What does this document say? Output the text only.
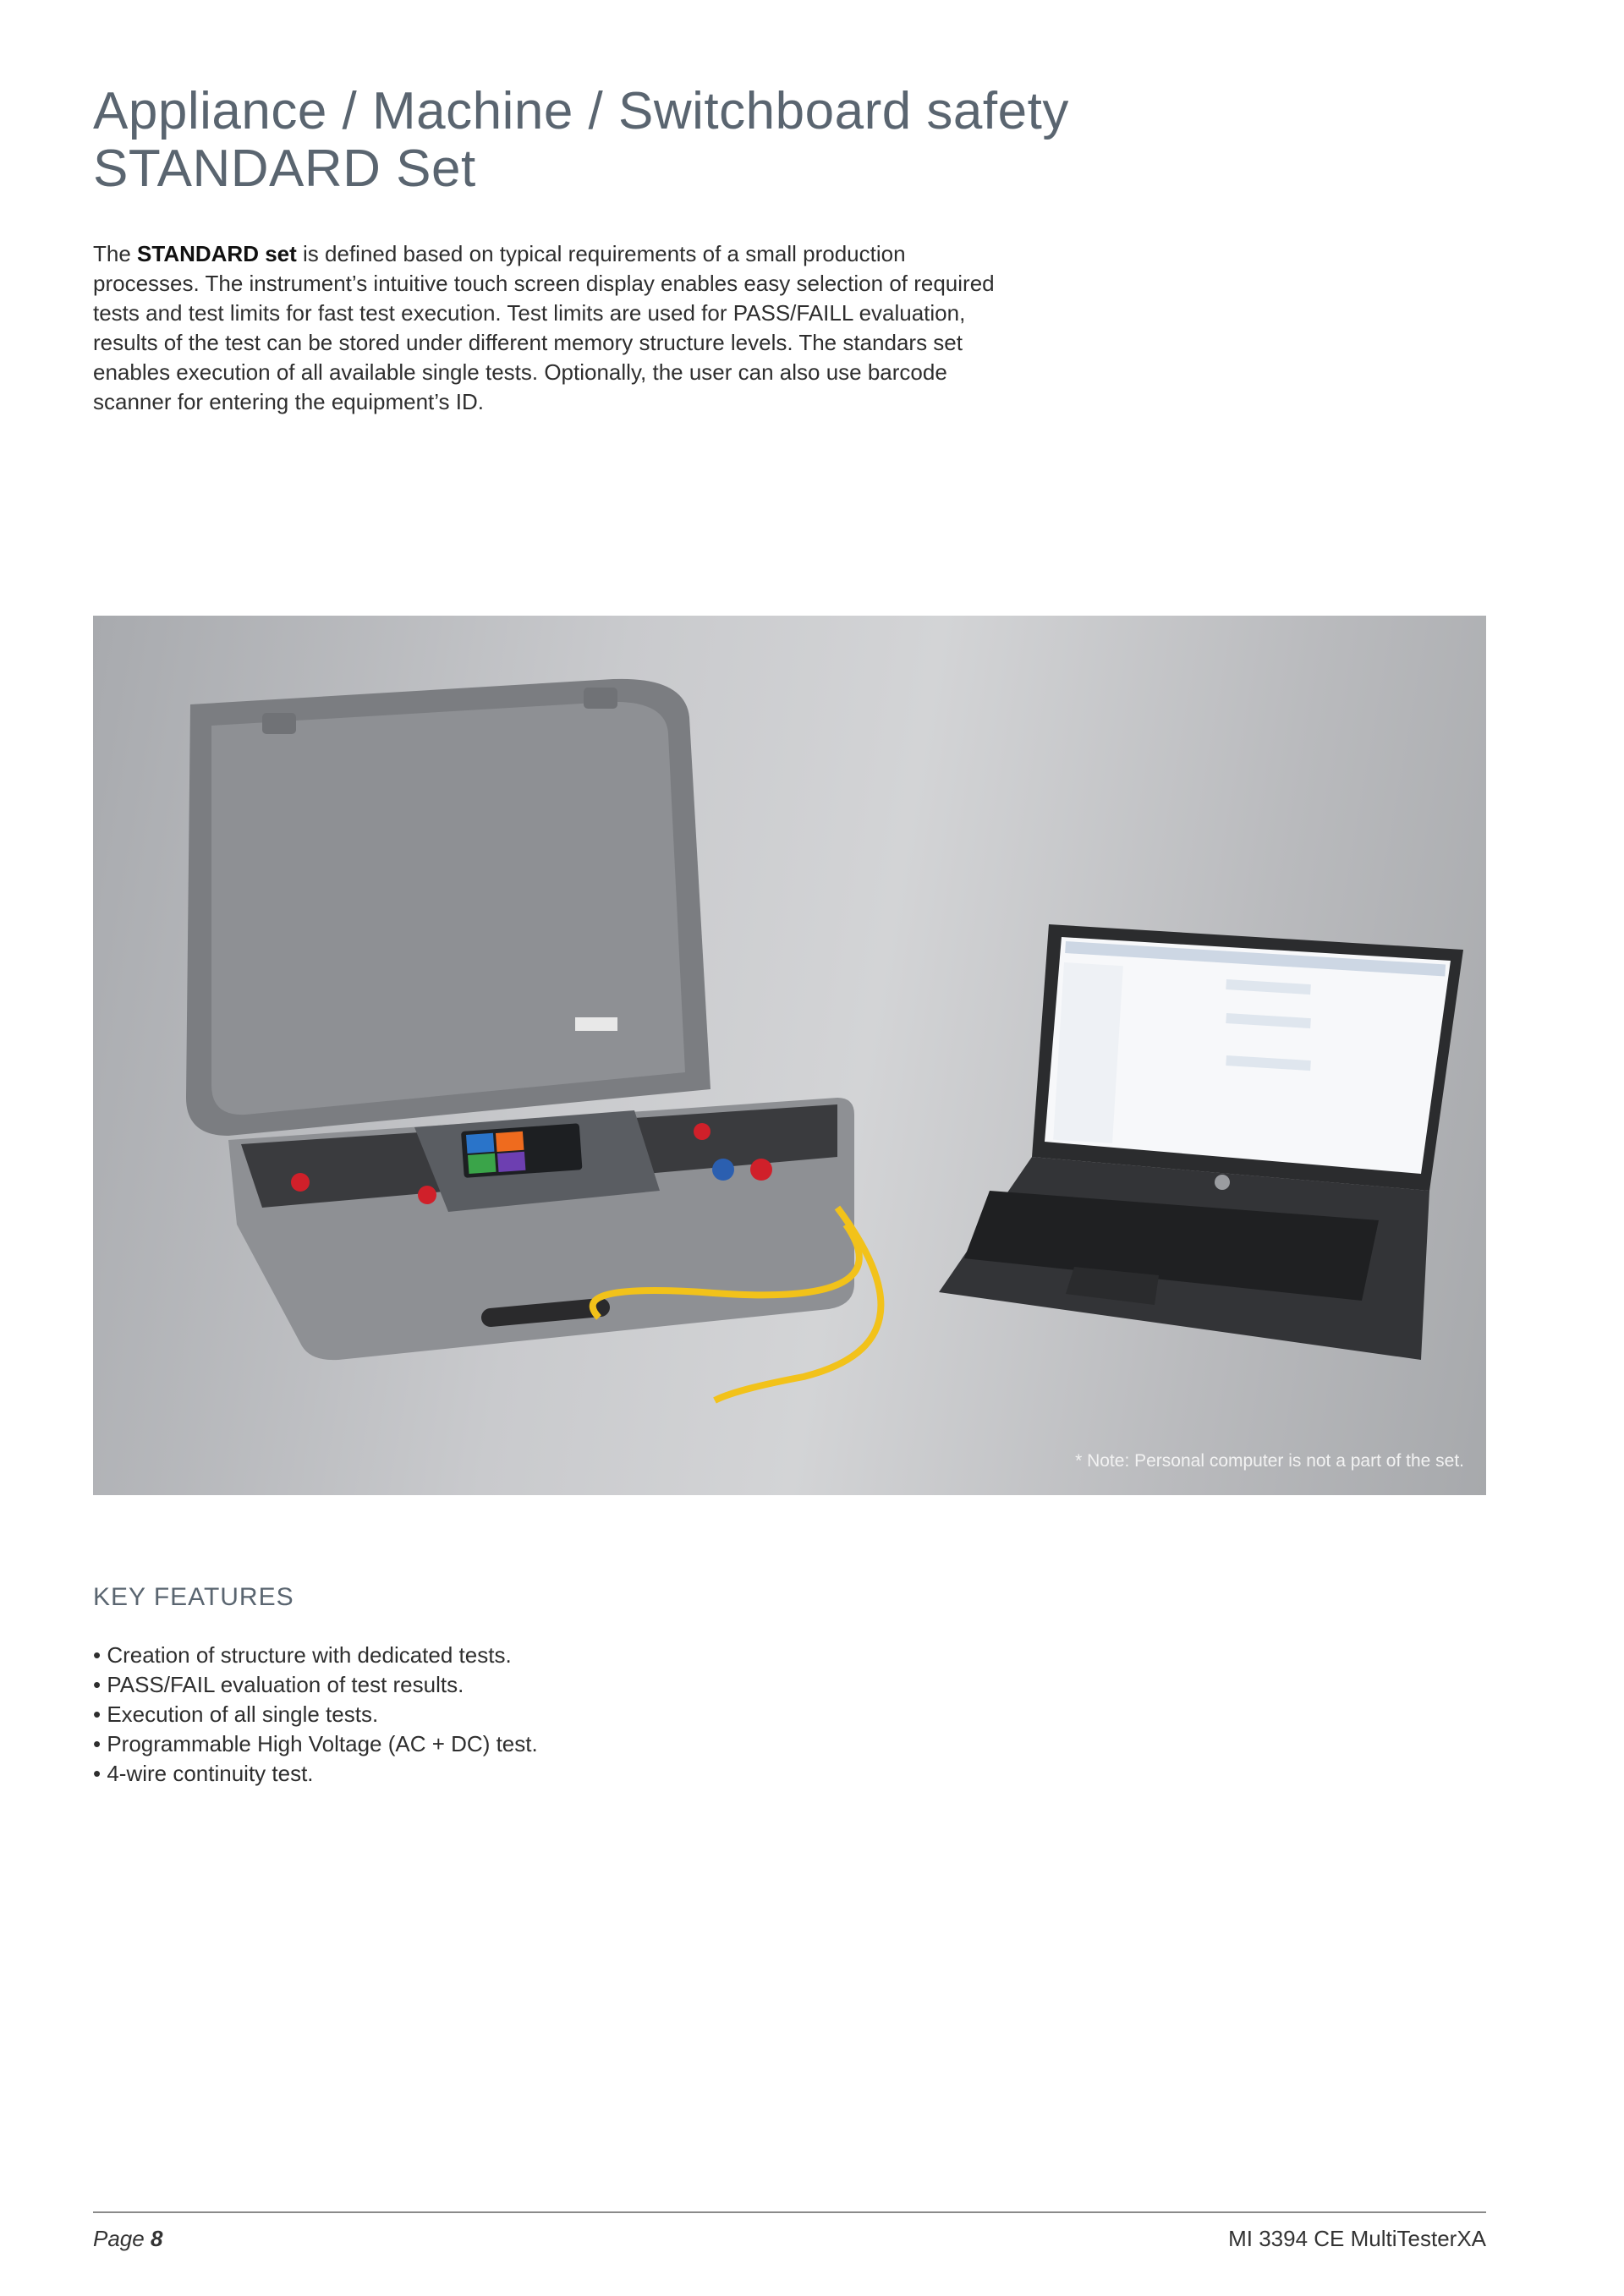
Appliance / Machine / Switchboard safety
STANDARD Set

The STANDARD set is defined based on typical requirements of a small production processes. The instrument’s intuitive touch screen display enables easy selection of required tests and test limits for fast test execution. Test limits are used for PASS/FAILL evaluation, results of the test can be stored under different memory structure levels. The standars set enables execution of all available single tests. Optionally, the user can also use barcode scanner for entering the equipment’s ID.

* Note: Personal computer is not a part of the set.
KEY FEATURES
• Creation of structure with dedicated tests.
• PASS/FAIL evaluation of test results.
• Execution of all single tests.
• Programmable High Voltage (AC + DC) test.
• 4-wire continuity test.
Page 8	MI 3394 CE MultiTesterXA
